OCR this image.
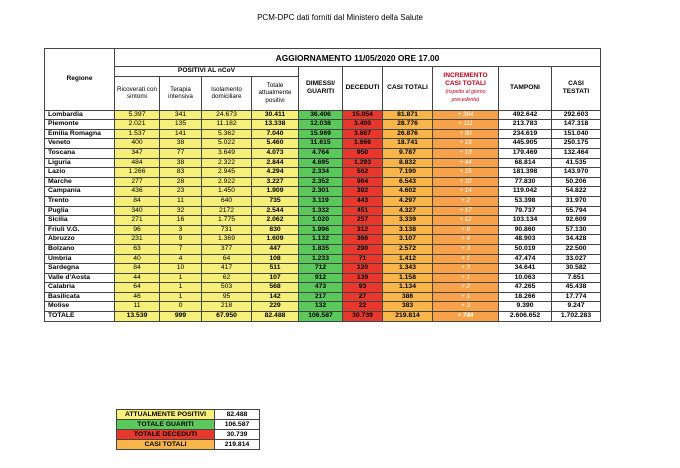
PCM-DPC dati forniti dal Ministero della Salute
Regione	AGGIORNAMENTO 11/05/2020 ORE 17.00									
	POSITIVI AL nCoV				DIMESSI/ GUARITI	DECEDUTI	CASI TOTALI	INCREMENTO CASI TOTALI
(rispetto al giorno precedente)	TAMPONI	CASI TESTATI
	Ricoverati con sintomi	Terapia intensiva	Isolamento domiciliare	Totale attualmente positivi						
Lombardia	5.397	341	24.673	30.411	36.406	15.054	81.871	+ 364	492.642	292.603
Piemonte	2.021	135	11.182	13.338	12.038	3.400	28.776	+ 111	213.783	147.318
Emilia Romagna	1.537	141	5.362	7.040	15.969	3.867	26.876	+ 80	234.619	151.040
Veneto	400	38	5.022	5.460	11.615	1.666	18.741	+ 19	445.905	250.175
Toscana	347	77	3.649	4.073	4.764	950	9.787	+ 13	179.469	132.464
Liguria	484	38	2.322	2.844	4.695	1.293	8.832	+ 44	68.814	41.535
Lazio	1.266	83	2.945	4.294	2.334	562	7.190	+ 25	181.398	143.970
Marche	277	28	2.922	3.227	2.352	964	6.543	+ 10	77.830	50.206
Campania	436	23	1.450	1.909	2.301	392	4.602	+ 14	119.042	54.822
Trento	84	11	640	735	3.119	443	4.297	+ 2	53.398	31.970
Puglia	340	32	2172	2.544	1.332	451	4.327	+ 17	79.737	55.794
Sicilia	271	16	1.775	2.062	1.020	257	3.339	+ 12	103.134	92.609
Friuli V.G.	96	3	731	830	1.996	312	3.138	+ 8	90.860	57.130
Abruzzo	231	9	1.369	1.609	1.132	366	3.107	+ 4	48.903	34.428
Bolzano	63	7	377	447	1.835	290	2.572	+ 3	50.019	22.500
Umbria	40	4	64	108	1.233	71	1.412	+ 1	47.474	33.027
Sardegna	84	10	417	511	712	120	1.343	+ 3	34.641	30.582
Valle d'Aosta	44	1	62	107	912	139	1.158	+ 1	10.063	7.651
Calabria	64	1	503	568	473	93	1.134	+ 2	47.265	45.438
Basilicata	46	1	95	142	217	27	386	+ 1	18.266	17.774
Molise	11	0	218	229	132	22	383	+ 3	9.390	9.247
TOTALE	13.539	999	67.950	82.488	106.587	30.739	219.814	+ 744	2.606.652	1.702.283
ATTUALMENTE POSITIVI	82.488
TOTALE GUARITI	106.587
TOTALE DECEDUTI	30.739
CASI TOTALI	219.814
